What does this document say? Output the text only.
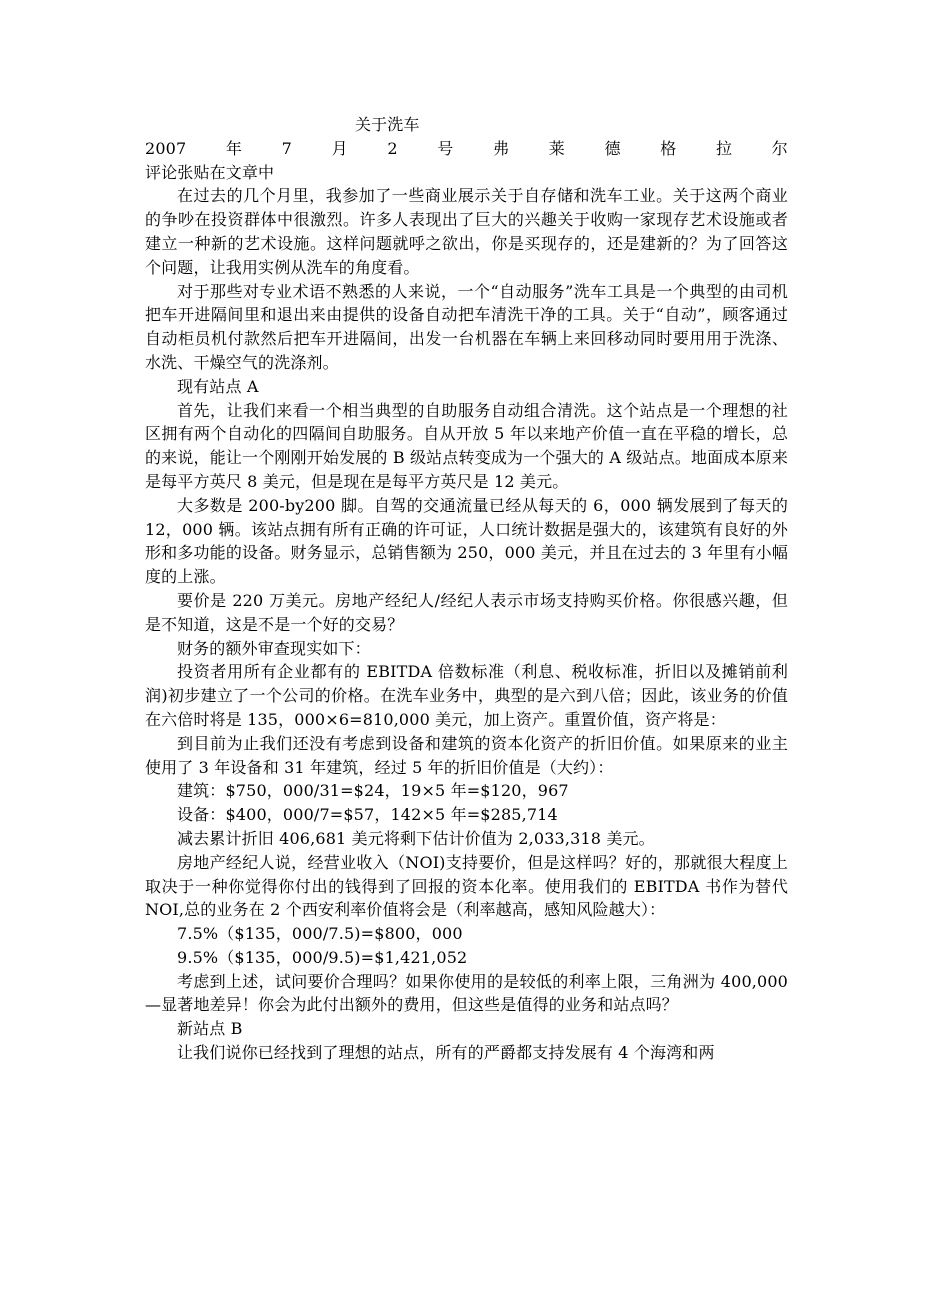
关于洗车
2007 年 7 月 2 号 弗 莱 德 格 拉 尔
评论张贴在文章中

在过去的几个月里，我参加了一些商业展示关于自存储和洗车工业。关于这两个商业的争吵在投资群体中很激烈。许多人表现出了巨大的兴趣关于收购一家现存艺术设施或者建立一种新的艺术设施。这样问题就呼之欲出，你是买现存的，还是建新的？为了回答这个问题，让我用实例从洗车的角度看。

对于那些对专业术语不熟悉的人来说，一个“自动服务”洗车工具是一个典型的由司机把车开进隔间里和退出来由提供的设备自动把车清洗干净的工具。关于“自动”，顾客通过自动柜员机付款然后把车开进隔间，出发一台机器在车辆上来回移动同时要用用于洗涤、水洗、干燥空气的洗涤剂。

现有站点 A

首先，让我们来看一个相当典型的自助服务自动组合清洗。这个站点是一个理想的社区拥有两个自动化的四隔间自助服务。自从开放 5 年以来地产价值一直在平稳的增长，总的来说，能让一个刚刚开始发展的 B 级站点转变成为一个强大的 A 级站点。地面成本原来是每平方英尺 8 美元，但是现在是每平方英尺是 12 美元。

大多数是 200-by200 脚。自驾的交通流量已经从每天的 6，000 辆发展到了每天的 12，000 辆。该站点拥有所有正确的许可证，人口统计数据是强大的，该建筑有良好的外形和多功能的设备。财务显示，总销售额为 250，000 美元，并且在过去的 3 年里有小幅度的上涨。

要价是 220 万美元。房地产经纪人/经纪人表示市场支持购买价格。你很感兴趣，但是不知道，这是不是一个好的交易？

财务的额外审查现实如下：

投资者用所有企业都有的 EBITDA 倍数标准（利息、税收标准，折旧以及摊销前利润)初步建立了一个公司的价格。在洗车业务中，典型的是六到八倍；因此，该业务的价值在六倍时将是 135，000×6=810,000 美元，加上资产。重置价值，资产将是：

到目前为止我们还没有考虑到设备和建筑的资本化资产的折旧价值。如果原来的业主使用了 3 年设备和 31 年建筑，经过 5 年的折旧价值是（大约）：

建筑：$750，000/31=$24，19×5 年=$120，967

设备：$400，000/7=$57，142×5 年=$285,714

减去累计折旧 406,681 美元将剩下估计价值为 2,033,318 美元。

房地产经纪人说，经营业收入（NOI)支持要价，但是这样吗？好的，那就很大程度上取决于一种你觉得你付出的钱得到了回报的资本化率。使用我们的 EBITDA 书作为替代 NOI,总的业务在 2 个西安利率价值将会是（利率越高，感知风险越大）：

7.5%（$135，000/7.5)=$800，000

9.5%（$135，000/9.5)=$1,421,052

考虑到上述，试问要价合理吗？如果你使用的是较低的利率上限，三角洲为 400,000—显著地差异！你会为此付出额外的费用，但这些是值得的业务和站点吗？

新站点 B

让我们说你已经找到了理想的站点，所有的严爵都支持发展有 4 个海湾和两
